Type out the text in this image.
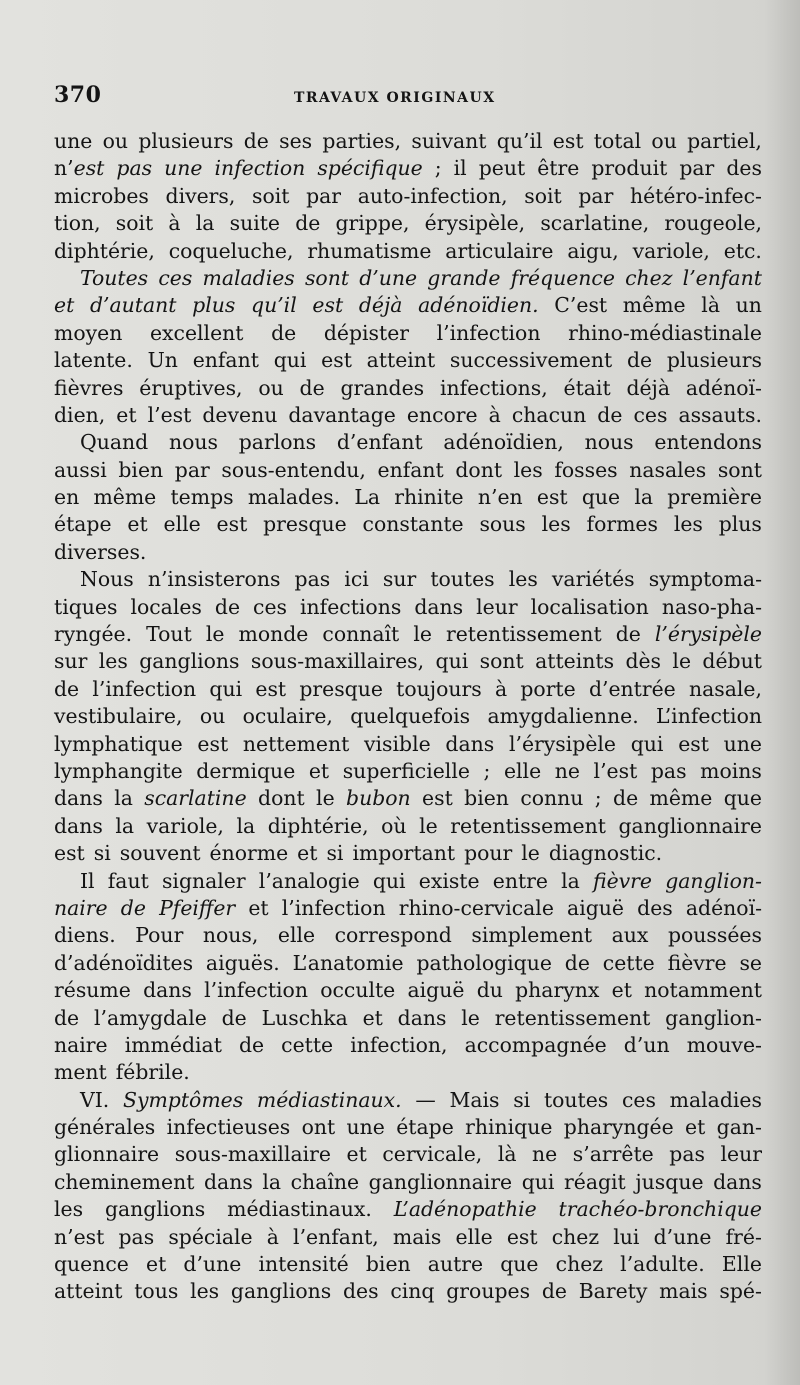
370	TRAVAUX ORIGINAUX
une ou plusieurs de ses parties, suivant qu’il est total ou partiel,
n’est pas une infection spécifique ; il peut être produit par des
microbes divers, soit par auto-infection, soit par hétéro-infec-
tion, soit à la suite de grippe, érysipèle, scarlatine, rougeole,
diphtérie, coqueluche, rhumatisme articulaire aigu, variole, etc.
Toutes ces maladies sont d’une grande fréquence chez l’enfant
et d’autant plus qu’il est déjà adénoïdien. C’est même là un
moyen excellent de dépister l’infection rhino-médiastinale
latente. Un enfant qui est atteint successivement de plusieurs
fièvres éruptives, ou de grandes infections, était déjà adénoï-
dien, et l’est devenu davantage encore à chacun de ces assauts.
Quand nous parlons d’enfant adénoïdien, nous entendons
aussi bien par sous-entendu, enfant dont les fosses nasales sont
en même temps malades. La rhinite n’en est que la première
étape et elle est presque constante sous les formes les plus
diverses.
Nous n’insisterons pas ici sur toutes les variétés symptoma-
tiques locales de ces infections dans leur localisation naso-pha-
ryngée. Tout le monde connaît le retentissement de l’érysipèle
sur les ganglions sous-maxillaires, qui sont atteints dès le début
de l’infection qui est presque toujours à porte d’entrée nasale,
vestibulaire, ou oculaire, quelquefois amygdalienne. L’infection
lymphatique est nettement visible dans l’érysipèle qui est une
lymphangite dermique et superficielle ; elle ne l’est pas moins
dans la scarlatine dont le bubon est bien connu ; de même que
dans la variole, la diphtérie, où le retentissement ganglionnaire
est si souvent énorme et si important pour le diagnostic.
Il faut signaler l’analogie qui existe entre la fièvre ganglion-
naire de Pfeiffer et l’infection rhino-cervicale aiguë des adénoï-
diens. Pour nous, elle correspond simplement aux poussées
d’adénoïdites aiguës. L’anatomie pathologique de cette fièvre se
résume dans l’infection occulte aiguë du pharynx et notamment
de l’amygdale de Luschka et dans le retentissement ganglion-
naire immédiat de cette infection, accompagnée d’un mouve-
ment fébrile.
VI. Symptômes médiastinaux. — Mais si toutes ces maladies
générales infectieuses ont une étape rhinique pharyngée et gan-
glionnaire sous-maxillaire et cervicale, là ne s’arrête pas leur
cheminement dans la chaîne ganglionnaire qui réagit jusque dans
les ganglions médiastinaux. L’adénopathie trachéo-bronchique
n’est pas spéciale à l’enfant, mais elle est chez lui d’une fré-
quence et d’une intensité bien autre que chez l’adulte. Elle
atteint tous les ganglions des cinq groupes de Barety mais spé-
